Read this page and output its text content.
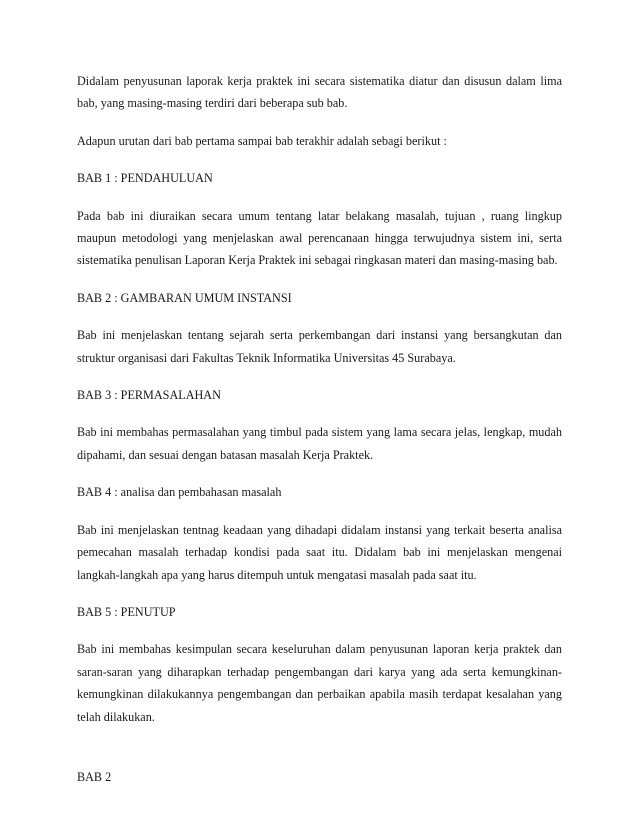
Didalam penyusunan laporak kerja praktek ini secara sistematika diatur dan disusun dalam lima bab, yang masing-masing terdiri dari beberapa sub bab.

Adapun urutan dari bab pertama sampai bab terakhir adalah sebagi berikut :

BAB 1 : PENDAHULUAN

Pada bab ini diuraikan secara umum tentang latar belakang masalah, tujuan , ruang lingkup maupun metodologi yang menjelaskan awal perencanaan hingga terwujudnya sistem ini, serta sistematika penulisan Laporan Kerja Praktek ini sebagai ringkasan materi dan masing-masing bab.

BAB 2 : GAMBARAN UMUM INSTANSI

Bab ini menjelaskan tentang sejarah serta perkembangan dari instansi yang bersangkutan dan struktur organisasi dari Fakultas Teknik Informatika Universitas 45 Surabaya.

BAB 3 : PERMASALAHAN

Bab ini membahas permasalahan yang timbul pada sistem yang lama secara jelas, lengkap, mudah dipahami, dan sesuai dengan batasan masalah Kerja Praktek.

BAB 4 : analisa dan pembahasan masalah

Bab ini menjelaskan tentnag keadaan yang dihadapi didalam instansi yang terkait beserta analisa pemecahan masalah terhadap kondisi pada saat itu. Didalam bab ini menjelaskan mengenai langkah-langkah apa yang harus ditempuh untuk mengatasi masalah pada saat itu.

BAB 5 : PENUTUP

Bab ini membahas kesimpulan secara keseluruhan dalam penyusunan laporan kerja praktek dan saran-saran yang diharapkan terhadap pengembangan dari karya yang ada serta kemungkinan-kemungkinan dilakukannya pengembangan dan perbaikan apabila masih terdapat kesalahan yang telah dilakukan.

BAB 2
